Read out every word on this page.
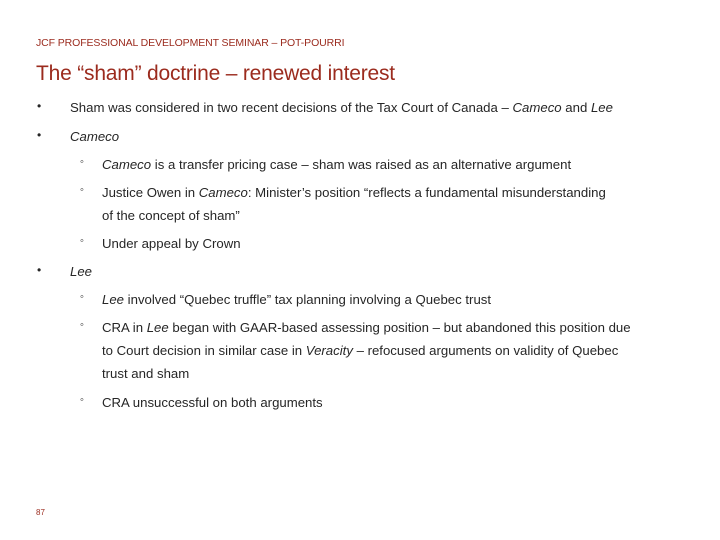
JCF PROFESSIONAL DEVELOPMENT SEMINAR – POT-POURRI
The “sham” doctrine – renewed interest
• Sham was considered in two recent decisions of the Tax Court of Canada – Cameco and Lee
• Cameco
◦ Cameco is a transfer pricing case – sham was raised as an alternative argument
◦ Justice Owen in Cameco: Minister’s position “reflects a fundamental misunderstanding
of the concept of sham”
◦ Under appeal by Crown
• Lee
◦ Lee involved “Quebec truffle” tax planning involving a Quebec trust
◦ CRA in Lee began with GAAR-based assessing position – but abandoned this position due
to Court decision in similar case in Veracity – refocused arguments on validity of Quebec
trust and sham
◦ CRA unsuccessful on both arguments
87
